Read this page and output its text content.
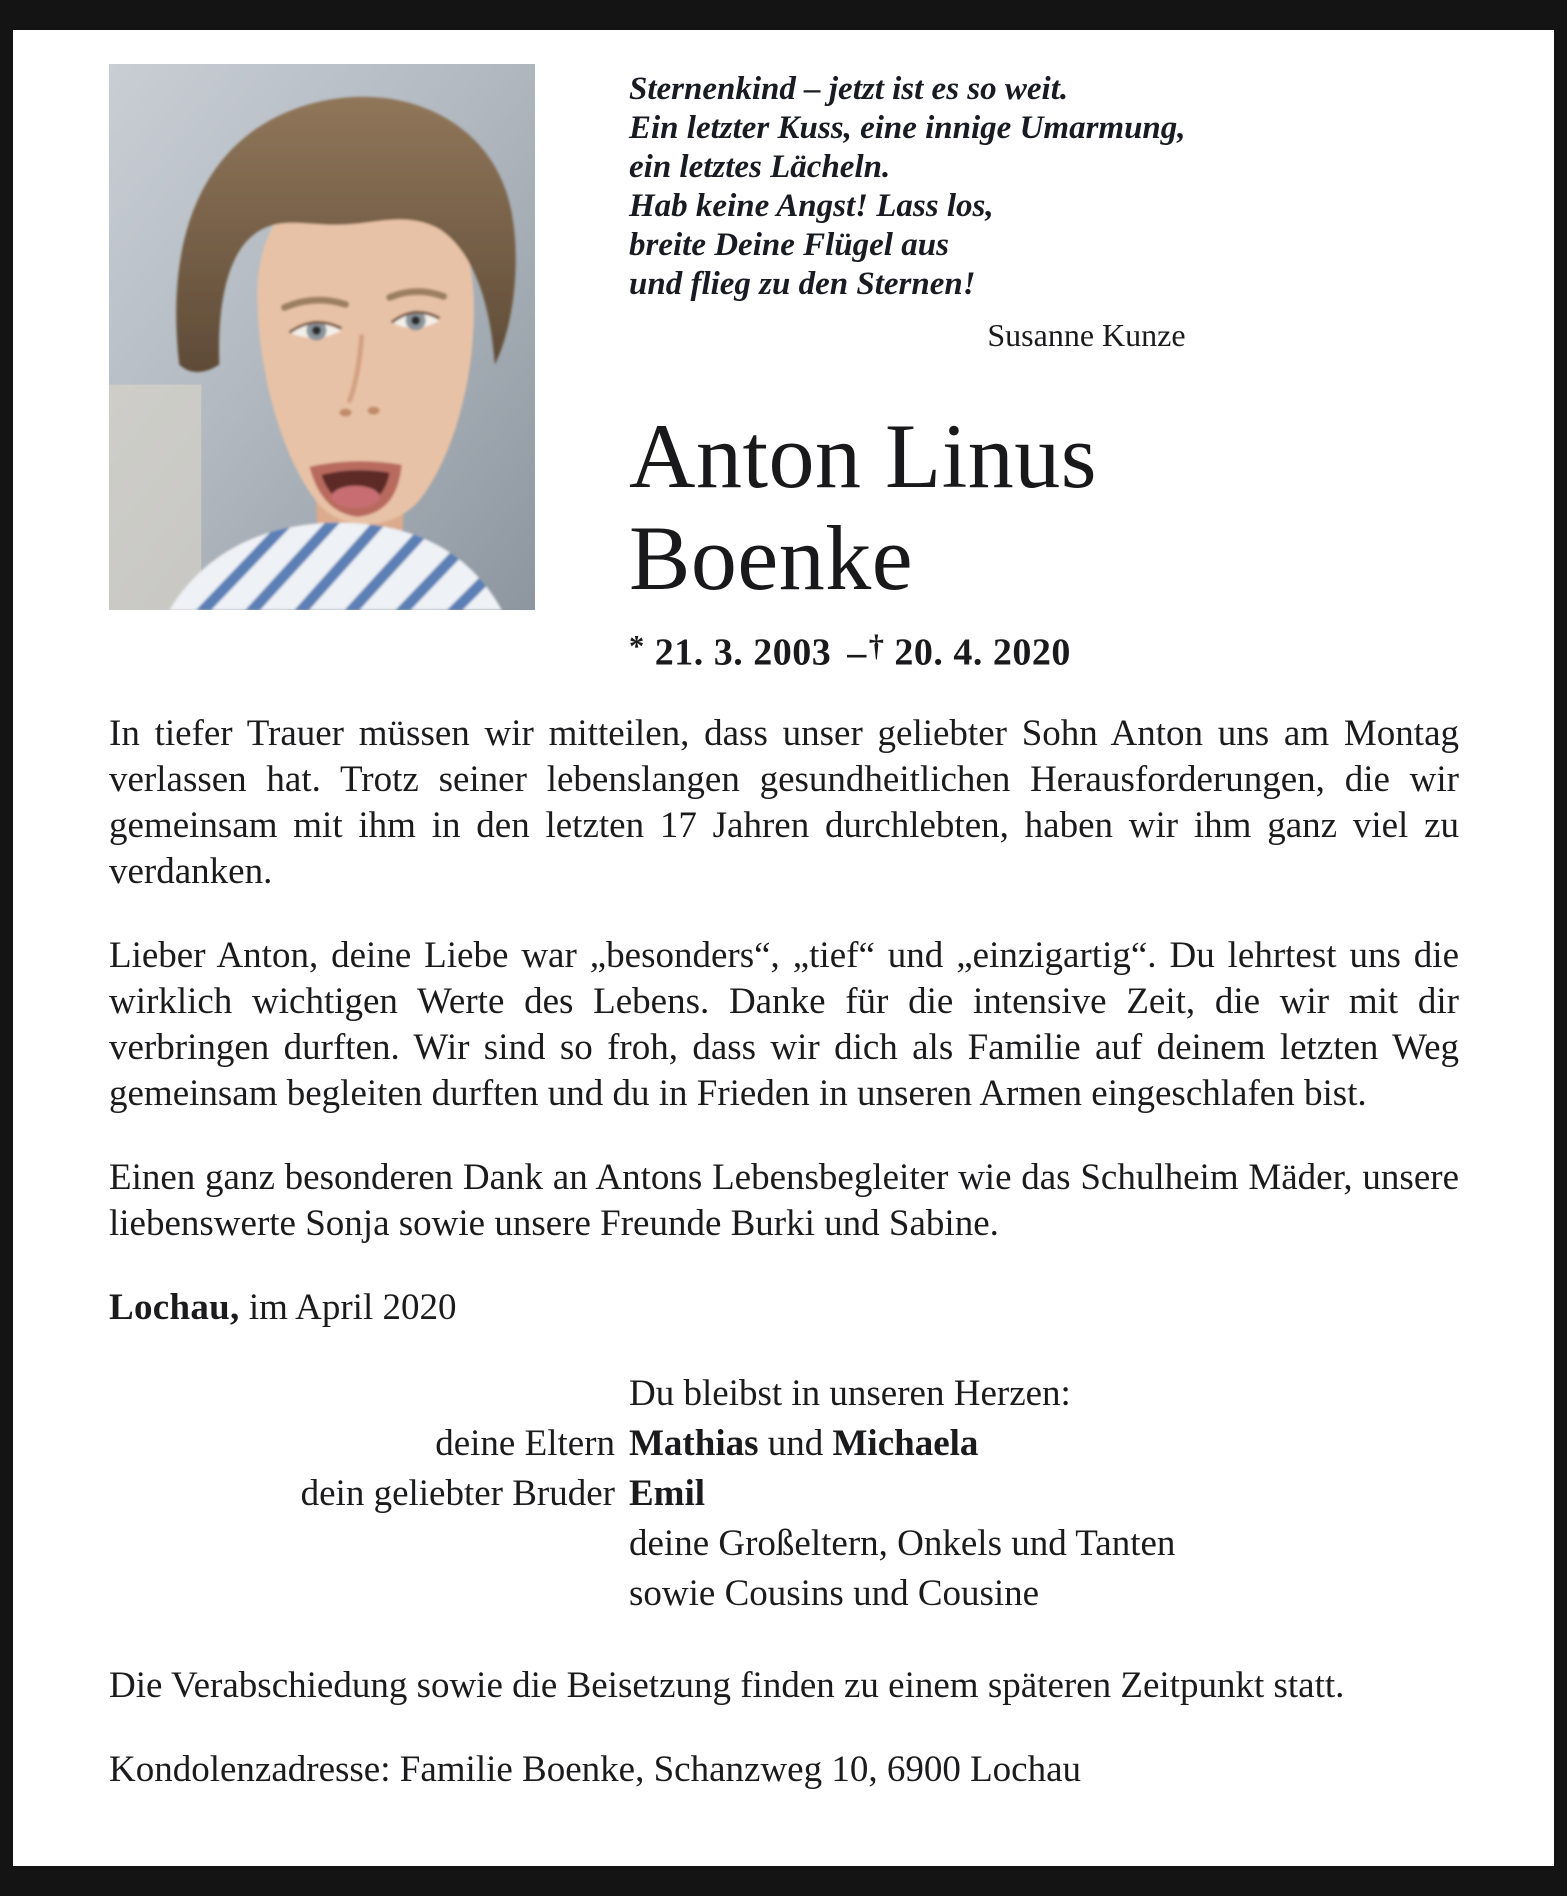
Sternenkind – jetzt ist es so weit.
Ein letzter Kuss, eine innige Umarmung,
ein letztes Lächeln.
Hab keine Angst! Lass los,
breite Deine Flügel aus
und flieg zu den Sternen!
Susanne Kunze
Anton Linus
Boenke
* 21. 3. 2003 –† 20. 4. 2020

In tiefer Trauer müssen wir mitteilen, dass unser geliebter Sohn Anton uns am Montag verlassen hat. Trotz seiner lebenslangen gesundheitlichen Herausforderungen, die wir gemeinsam mit ihm in den letzten 17 Jahren durchlebten, haben wir ihm ganz viel zu verdanken.

Lieber Anton, deine Liebe war „besonders“, „tief“ und „einzigartig“. Du lehrtest uns die wirklich wichtigen Werte des Lebens. Danke für die intensive Zeit, die wir mit dir verbringen durften. Wir sind so froh, dass wir dich als Familie auf deinem letzten Weg gemeinsam begleiten durften und du in Frieden in unseren Armen eingeschlafen bist.

Einen ganz besonderen Dank an Antons Lebensbegleiter wie das Schulheim Mäder, unsere liebenswerte Sonja sowie unsere Freunde Burki und Sabine.

Lochau, im April 2020

Du bleibst in unseren Herzen:
deine Eltern Mathias und Michaela
dein geliebter Bruder Emil
deine Großeltern, Onkels und Tanten
sowie Cousins und Cousine

Die Verabschiedung sowie die Beisetzung finden zu einem späteren Zeitpunkt statt.

Kondolenzadresse: Familie Boenke, Schanzweg 10, 6900 Lochau
